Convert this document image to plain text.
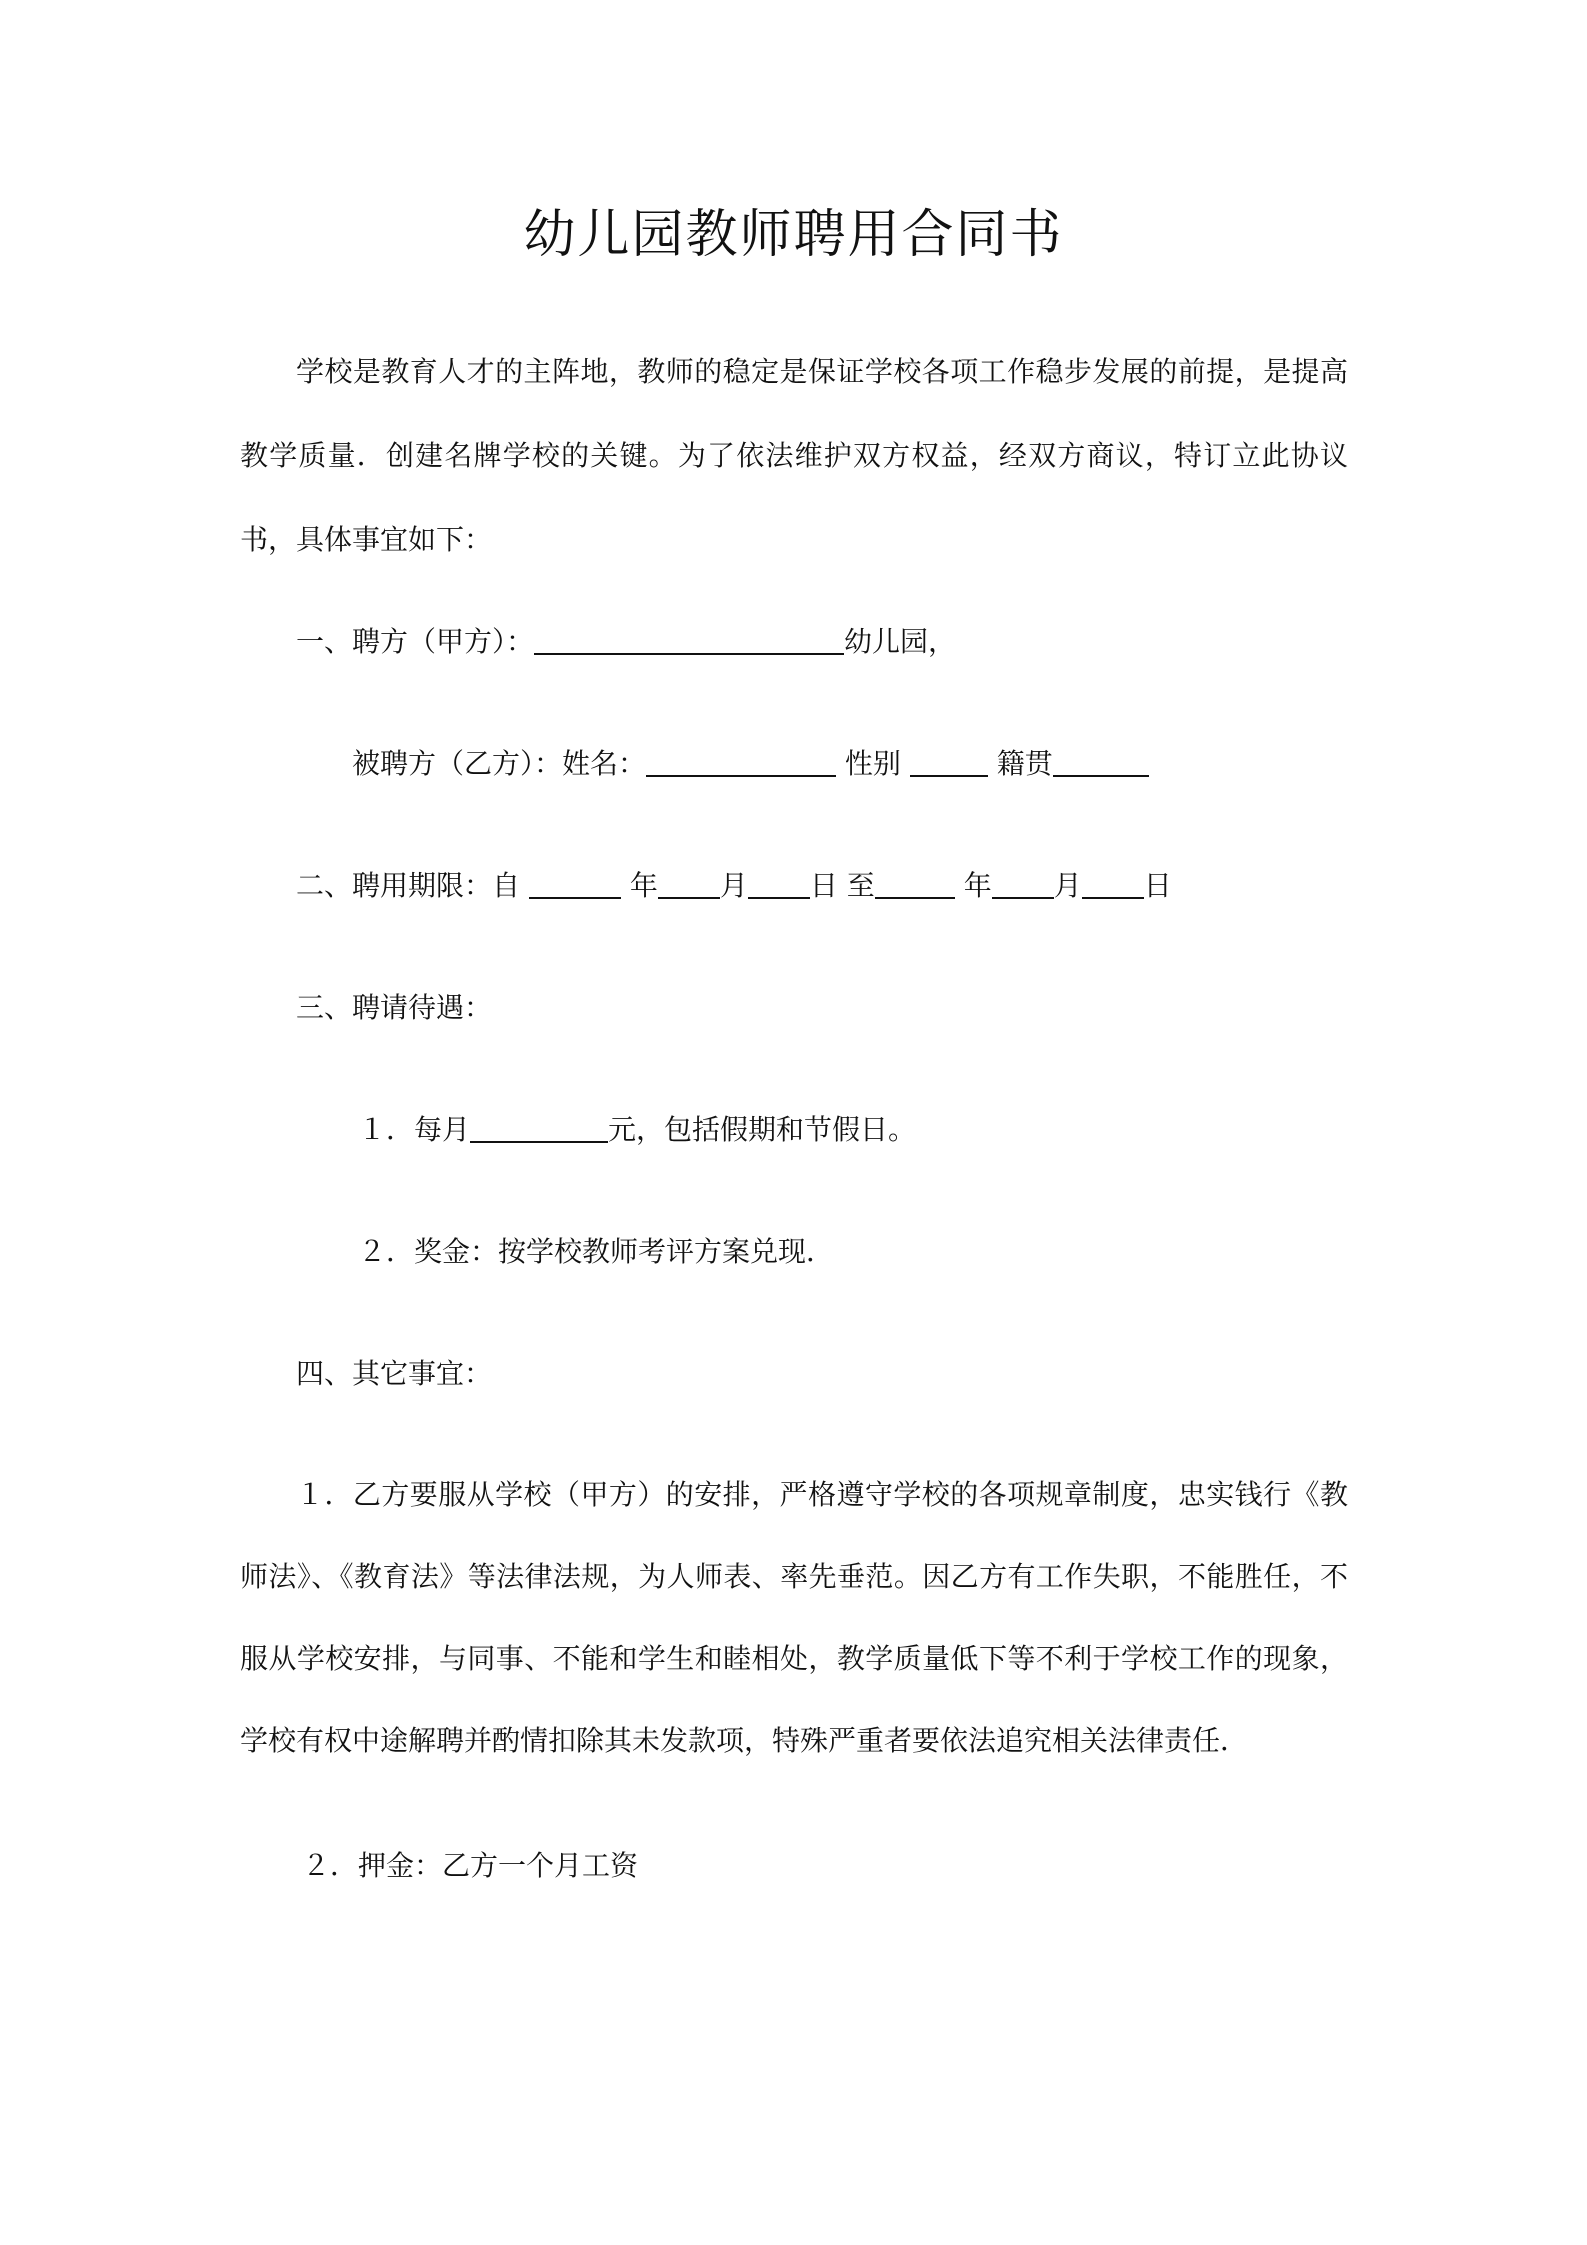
幼儿园教师聘用合同书
学校是教育人才的主阵地，教师的稳定是保证学校各项工作稳步发展的前提，是提高教学质量．创建名牌学校的关键。为了依法维护双方权益，经双方商议，特订立此协议书，具体事宜如下：
一、聘方（甲方）：	幼儿园，
被聘方（乙方）：姓名：	性别	籍贯
二、聘用期限：自	年 月 日 至	年 月 日
三、聘请待遇：
１．每月	元，包括假期和节假日。
２．奖金：按学校教师考评方案兑现．
四、其它事宜：
１．乙方要服从学校（甲方）的安排，严格遵守学校的各项规章制度，忠实钱行《教师法》、《教育法》等法律法规，为人师表、率先垂范。因乙方有工作失职，不能胜任，不服从学校安排，与同事、不能和学生和睦相处，教学质量低下等不利于学校工作的现象，学校有权中途解聘并酌情扣除其未发款项，特殊严重者要依法追究相关法律责任．
２．押金：乙方一个月工资
